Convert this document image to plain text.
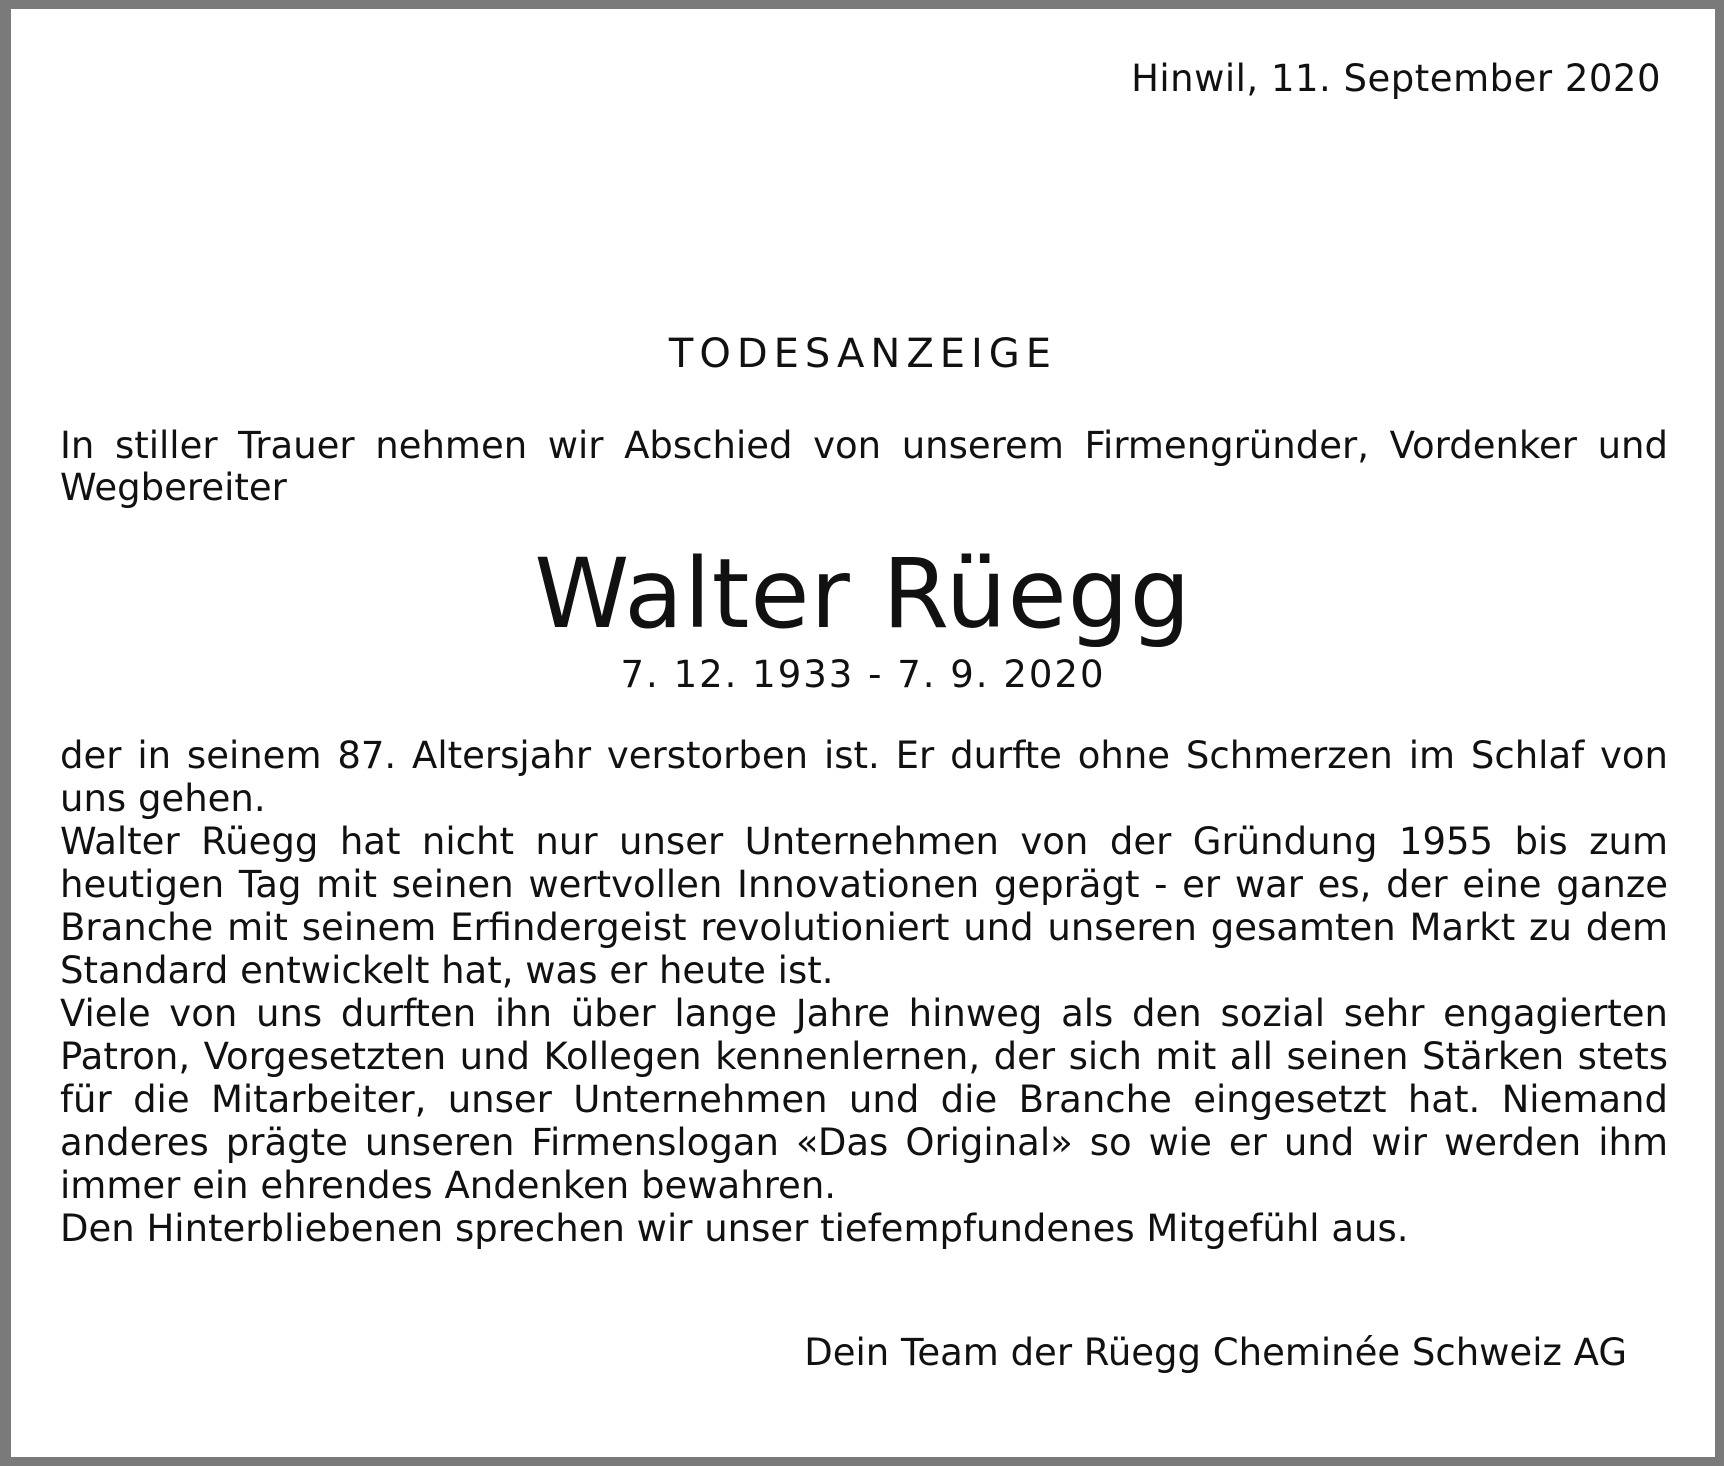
Hinwil, 11. September 2020
TODESANZEIGE

In stiller Trauer nehmen wir Abschied von unserem Firmengründer, Vordenker und Wegbereiter

Walter Rüegg
7. 12. 1933 - 7. 9. 2020

der in seinem 87. Altersjahr verstorben ist. Er durfte ohne Schmerzen im Schlaf von uns gehen.

Walter Rüegg hat nicht nur unser Unternehmen von der Gründung 1955 bis zum heutigen Tag mit seinen wertvollen Innovationen geprägt - er war es, der eine ganze Branche mit seinem Erfindergeist revolutioniert und unseren gesamten Markt zu dem Standard entwickelt hat, was er heute ist.

Viele von uns durften ihn über lange Jahre hinweg als den sozial sehr engagierten Patron, Vorgesetzten und Kollegen kennenlernen, der sich mit all seinen Stärken stets für die Mitarbeiter, unser Unternehmen und die Branche eingesetzt hat. Niemand anderes prägte unseren Firmenslogan «Das Original» so wie er und wir werden ihm immer ein ehrendes Andenken bewahren.

Den Hinterbliebenen sprechen wir unser tiefempfundenes Mitgefühl aus.

Dein Team der Rüegg Cheminée Schweiz AG
